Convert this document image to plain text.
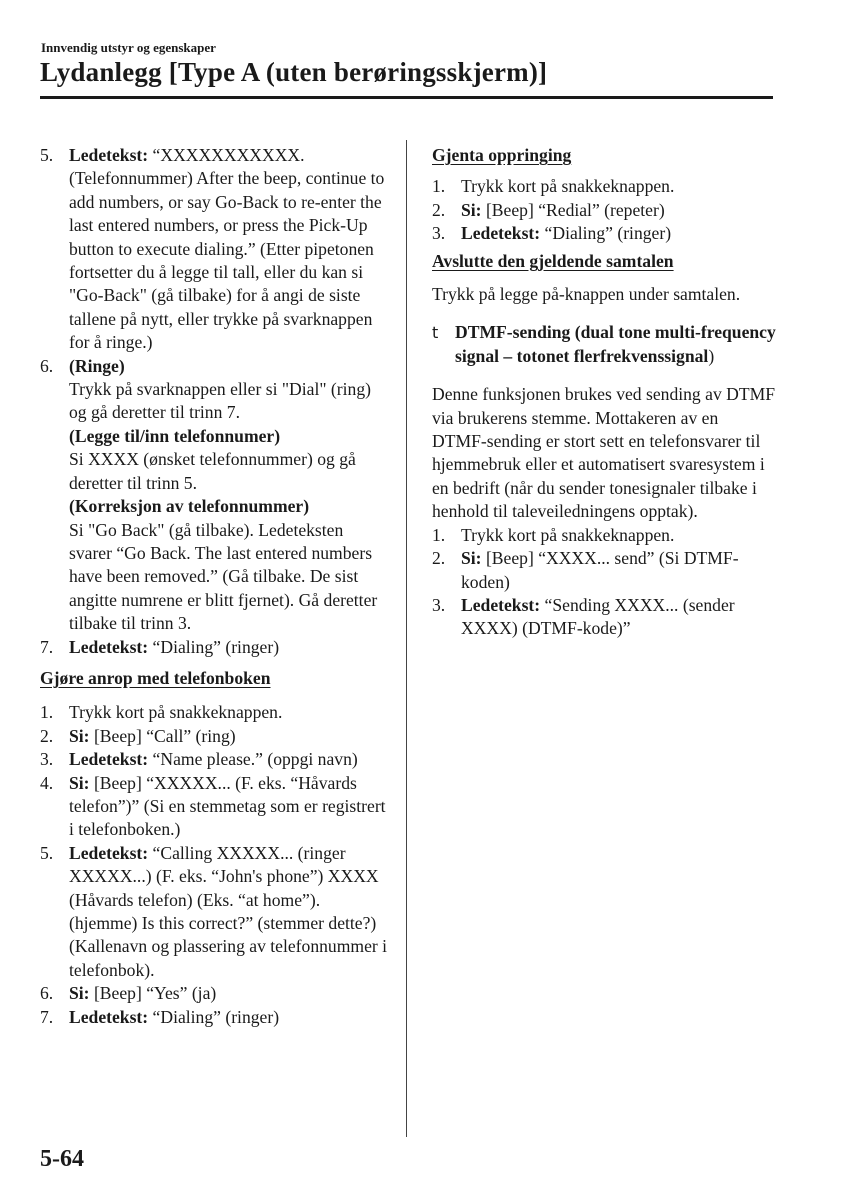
Innvendig utstyr og egenskaper
Lydanlegg [Type A (uten berøringsskjerm)]
5. Ledetekst: “XXXXXXXXXXX. (Telefonnummer) After the beep, continue to add numbers, or say Go-Back to re-enter the last entered numbers, or press the Pick-Up button to execute dialing.” (Etter pipetonen fortsetter du å legge til tall, eller du kan si "Go-Back" (gå tilbake) for å angi de siste tallene på nytt, eller trykke på svarknappen for å ringe.)
6. (Ringe)
Trykk på svarknappen eller si "Dial" (ring) og gå deretter til trinn 7.
(Legge til/inn telefonnumer)
Si XXXX (ønsket telefonnummer) og gå deretter til trinn 5.
(Korreksjon av telefonnummer)
Si "Go Back" (gå tilbake). Ledeteksten svarer “Go Back. The last entered numbers have been removed.” (Gå tilbake. De sist angitte numrene er blitt fjernet). Gå deretter tilbake til trinn 3.
7. Ledetekst: “Dialing” (ringer)

Gjøre anrop med telefonboken

1. Trykk kort på snakkeknappen.
2. Si: [Beep] “Call” (ring)
3. Ledetekst: “Name please.” (oppgi navn)
4. Si: [Beep] “XXXXX... (F. eks. “Håvards telefon”)” (Si en stemmetag som er registrert i telefonboken.)
5. Ledetekst: “Calling XXXXX... (ringer XXXXX...) (F. eks. “John's phone”) XXXX (Håvards telefon) (Eks. “at home”). (hjemme) Is this correct?” (stemmer dette?) (Kallenavn og plassering av telefonnummer i telefonbok).
6. Si: [Beep] “Yes” (ja)
7. Ledetekst: “Dialing” (ringer)

Gjenta oppringing

1. Trykk kort på snakkeknappen.
2. Si: [Beep] “Redial” (repeter)
3. Ledetekst: “Dialing” (ringer)

Avslutte den gjeldende samtalen

Trykk på legge på-knappen under samtalen.

t DTMF-sending (dual tone multi-frequency signal – totonet flerfrekvenssignal)

Denne funksjonen brukes ved sending av DTMF via brukerens stemme. Mottakeren av en DTMF-sending er stort sett en telefonsvarer til hjemmebruk eller et automatisert svaresystem i en bedrift (når du sender tonesignaler tilbake i henhold til taleveiledningens opptak).

1. Trykk kort på snakkeknappen.
2. Si: [Beep] “XXXX... send” (Si DTMF-koden)
3. Ledetekst: “Sending XXXX... (sender XXXX) (DTMF-kode)”
5-64
